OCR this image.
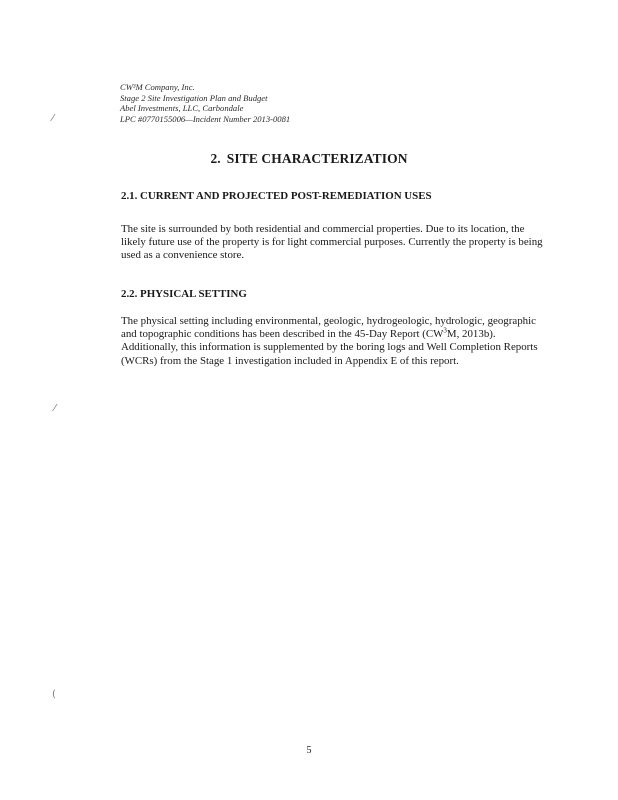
⁄
⁄
(
CW³M Company, Inc.
Stage 2 Site Investigation Plan and Budget
Abel Investments, LLC, Carbondale
LPC #0770155006—Incident Number 2013-0081
2. SITE CHARACTERIZATION
2.1. CURRENT AND PROJECTED POST-REMEDIATION USES

The site is surrounded by both residential and commercial properties. Due to its location, the likely future use of the property is for light commercial purposes. Currently the property is being used as a convenience store.

2.2. PHYSICAL SETTING

The physical setting including environmental, geologic, hydrogeologic, hydrologic, geographic and topographic conditions has been described in the 45-Day Report ($CW^3M$, 2013b). Additionally, this information is supplemented by the boring logs and Well Completion Reports (WCRs) from the Stage 1 investigation included in Appendix E of this report.

5
